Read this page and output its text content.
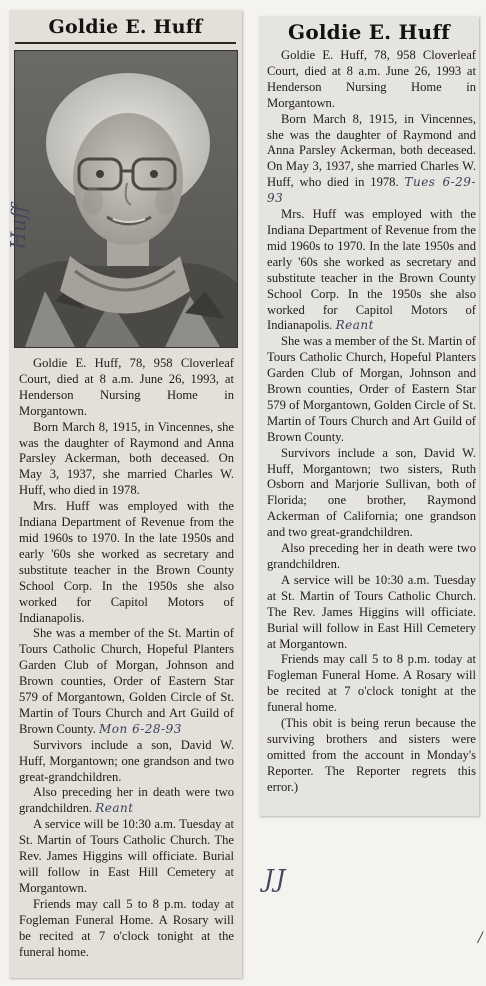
Goldie E. Huff

Goldie E. Huff, 78, 958 Cloverleaf Court, died at 8 a.m. June 26, 1993, at Henderson Nursing Home in Morgantown.

Born March 8, 1915, in Vincennes, she was the daughter of Raymond and Anna Parsley Ackerman, both deceased. On May 3, 1937, she married Charles W. Huff, who died in 1978.

Mrs. Huff was employed with the Indiana Department of Revenue from the mid 1960s to 1970. In the late 1950s and early '60s she worked as secretary and substitute teacher in the Brown County School Corp. In the 1950s she also worked for Capitol Motors of Indianapolis.

She was a member of the St. Martin of Tours Catholic Church, Hopeful Planters Garden Club of Morgan, Johnson and Brown counties, Order of Eastern Star 579 of Morgantown, Golden Circle of St. Martin of Tours Church and Art Guild of Brown County. Mon 6-28-93

Survivors include a son, David W. Huff, Morgantown; one grandson and two great-grandchildren.

Also preceding her in death were two grandchildren. Reant

A service will be 10:30 a.m. Tuesday at St. Martin of Tours Catholic Church. The Rev. James Higgins will officiate. Burial will follow in East Hill Cemetery at Morgantown.

Friends may call 5 to 8 p.m. today at Fogleman Funeral Home. A Rosary will be recited at 7 o'clock tonight at the funeral home.

Goldie E. Huff

Goldie E. Huff, 78, 958 Cloverleaf Court, died at 8 a.m. June 26, 1993 at Henderson Nursing Home in Morgantown.

Born March 8, 1915, in Vincennes, she was the daughter of Raymond and Anna Parsley Ackerman, both deceased. On May 3, 1937, she married Charles W. Huff, who died in 1978. Tues 6-29-93

Mrs. Huff was employed with the Indiana Department of Revenue from the mid 1960s to 1970. In the late 1950s and early '60s she worked as secretary and substitute teacher in the Brown County School Corp. In the 1950s she also worked for Capitol Motors of Indianapolis. Reant

She was a member of the St. Martin of Tours Catholic Church, Hopeful Planters Garden Club of Morgan, Johnson and Brown counties, Order of Eastern Star 579 of Morgantown, Golden Circle of St. Martin of Tours Church and Art Guild of Brown County.

Survivors include a son, David W. Huff, Morgantown; two sisters, Ruth Osborn and Marjorie Sullivan, both of Florida; one brother, Raymond Ackerman of California; one grandson and two great-grandchildren.

Also preceding her in death were two grandchildren.

A service will be 10:30 a.m. Tuesday at St. Martin of Tours Catholic Church. The Rev. James Higgins will officiate. Burial will follow in East Hill Cemetery at Morgantown.

Friends may call 5 to 8 p.m. today at Fogleman Funeral Home. A Rosary will be recited at 7 o'clock tonight at the funeral home.

(This obit is being rerun because the surviving brothers and sisters were omitted from the account in Monday's Reporter. The Reporter regrets this error.)

Huff
JJ
/
